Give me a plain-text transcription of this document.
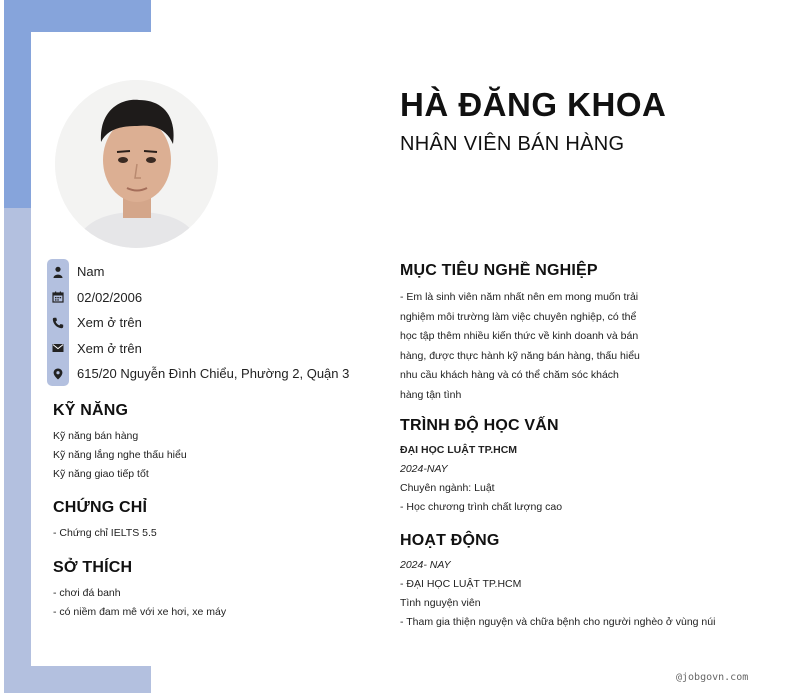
Nam
02/02/2006
Xem ở trên
Xem ở trên
615/20 Nguyễn Đình Chiểu, Phường 2, Quận 3
KỸ NĂNG
Kỹ năng bán hàng
Kỹ năng lắng nghe thấu hiểu
Kỹ năng giao tiếp tốt
CHỨNG CHỈ
- Chứng chỉ IELTS 5.5
SỞ THÍCH
- chơi đá banh
- có niềm đam mê với xe hơi, xe máy
HÀ ĐĂNG KHOA
NHÂN VIÊN BÁN HÀNG
MỤC TIÊU NGHỀ NGHIỆP
- Em là sinh viên năm nhất nên em mong muốn trải
nghiệm môi trường làm việc chuyên nghiệp, có thể
học tập thêm nhiều kiến thức về kinh doanh và bán
hàng, được thực hành kỹ năng bán hàng, thấu hiểu
nhu cầu khách hàng và có thể chăm sóc khách
hàng tận tình
TRÌNH ĐỘ HỌC VẤN
ĐẠI HỌC LUẬT TP.HCM
2024-NAY
Chuyên ngành: Luật
- Học chương trình chất lượng cao
HOẠT ĐỘNG
2024- NAY
- ĐẠI HỌC LUẬT TP.HCM
Tình nguyện viên
- Tham gia thiện nguyện và chữa bệnh cho người nghèo ở vùng núi
@jobgovn.com
